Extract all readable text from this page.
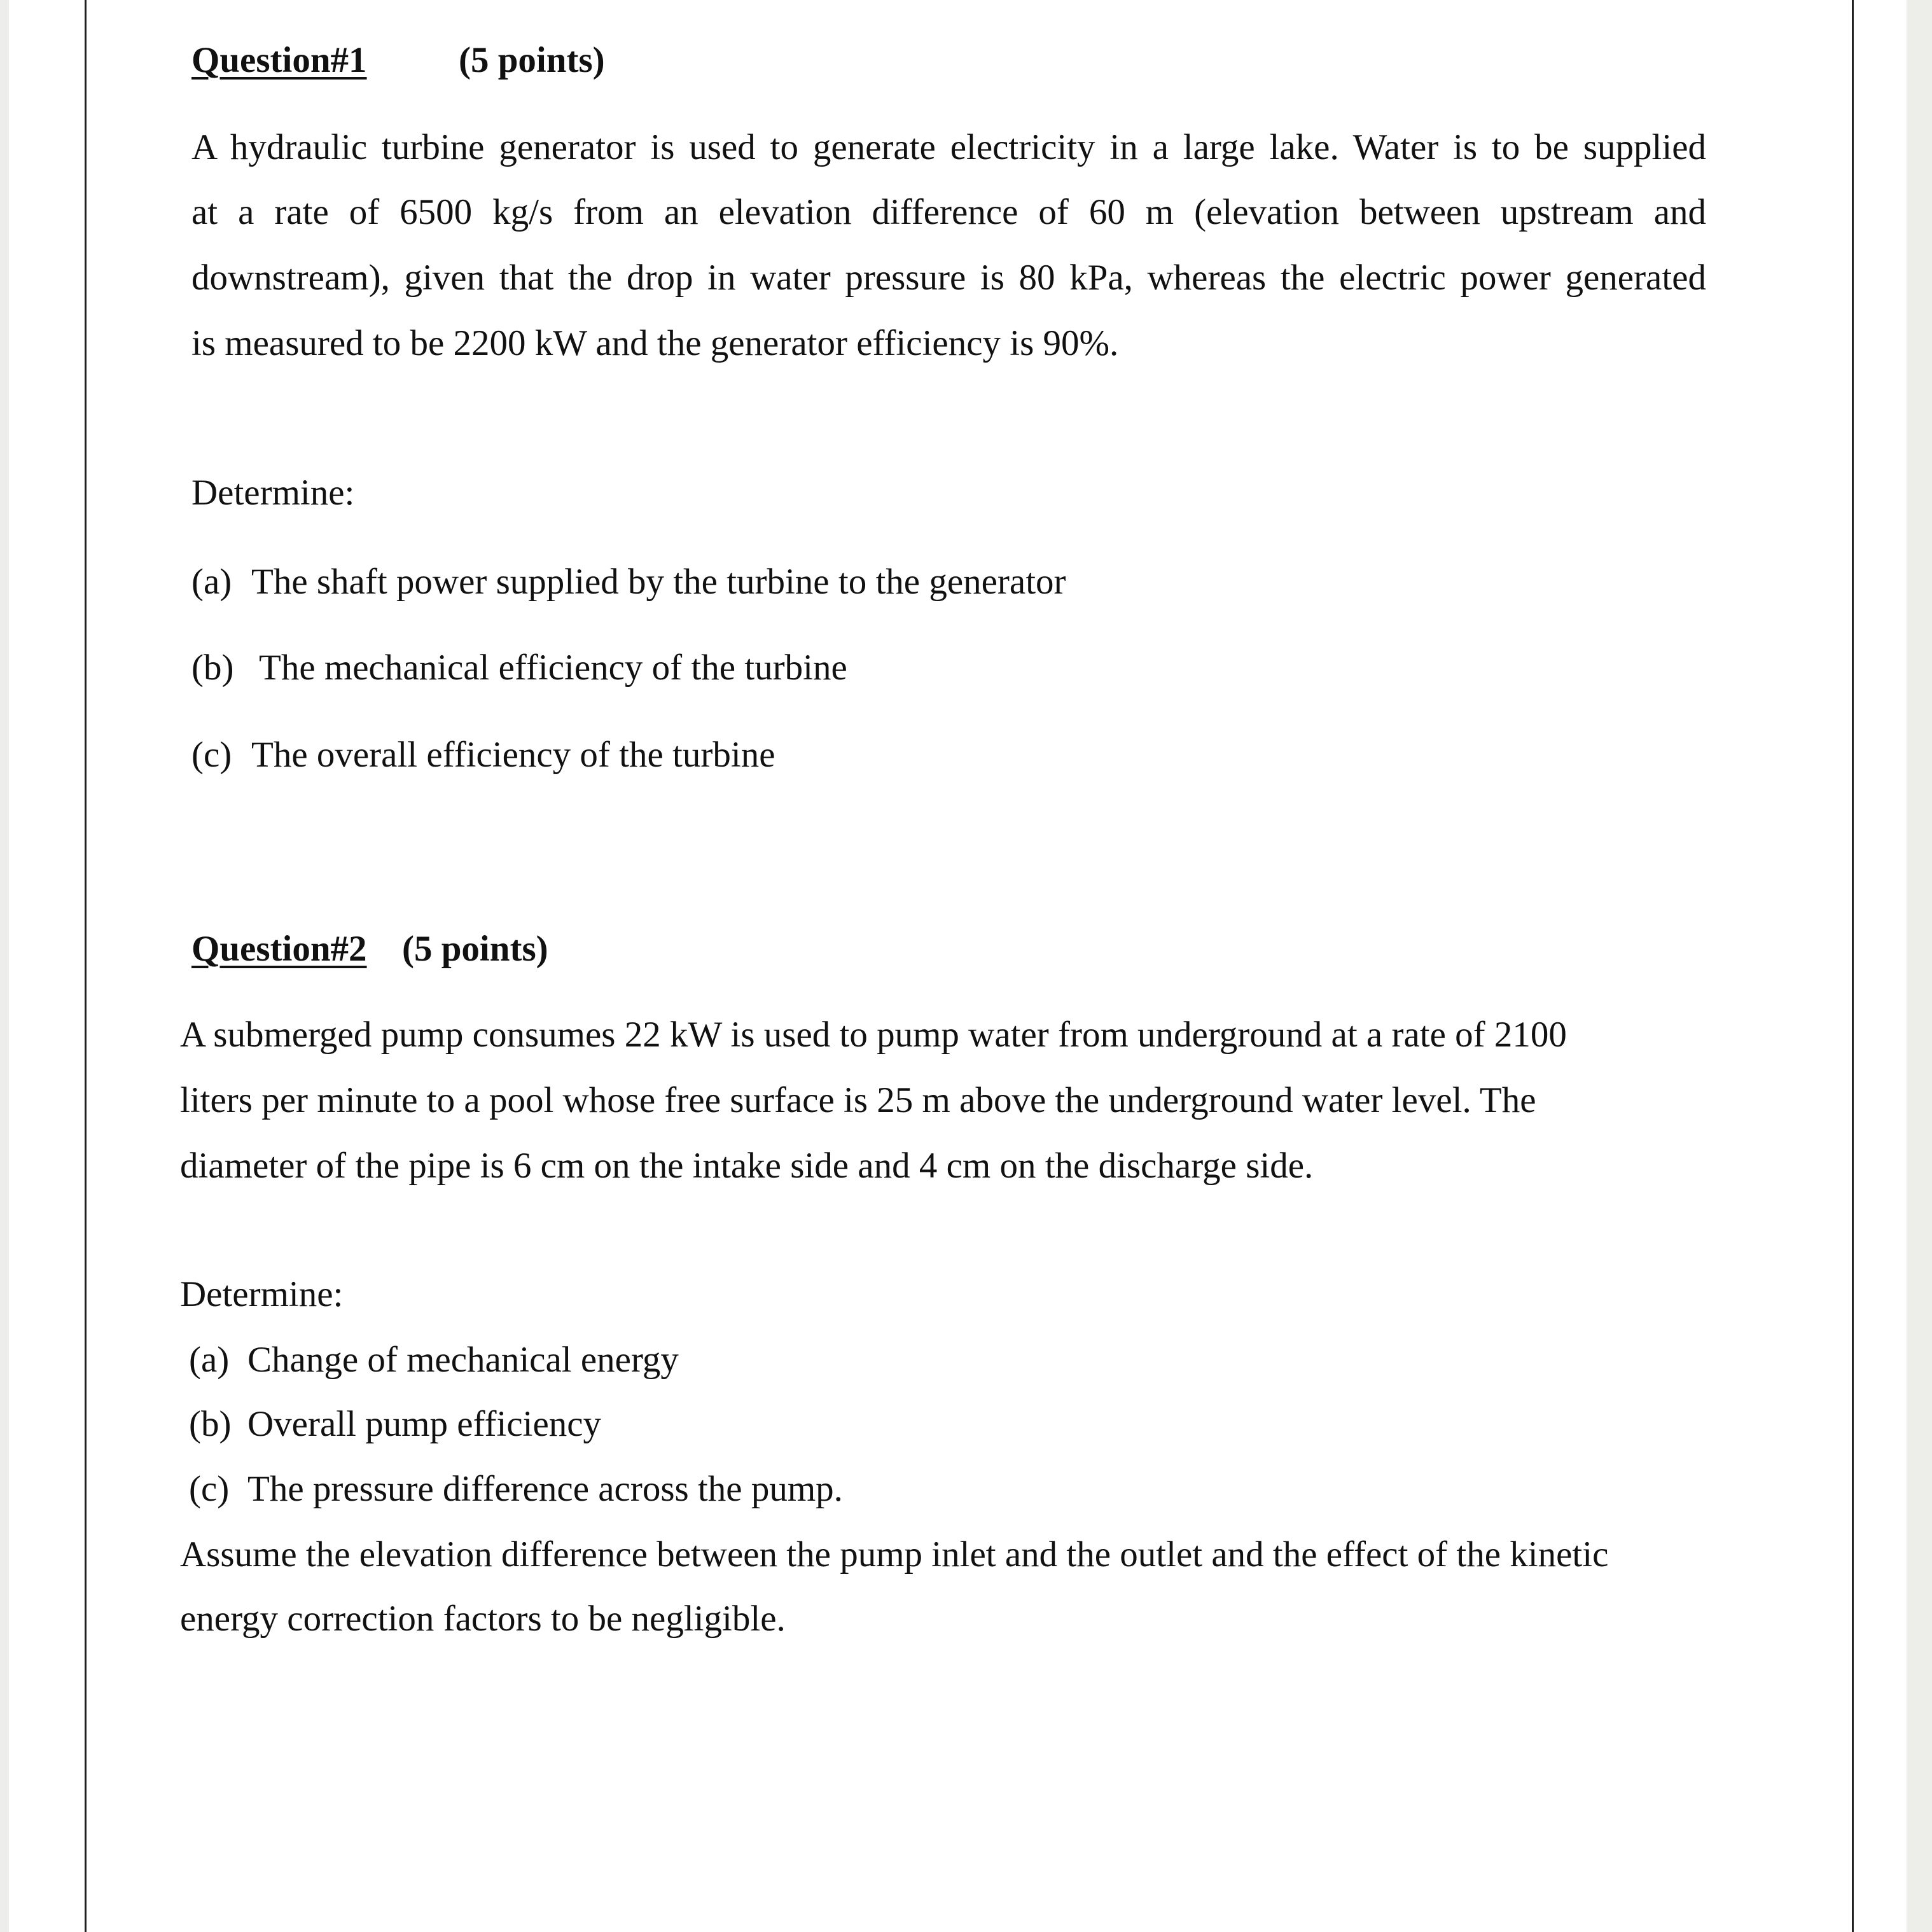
Question#1	(5 points)
A hydraulic turbine generator is used to generate electricity in a large lake. Water is to be supplied
at a rate of 6500 kg/s from an elevation difference of 60 m (elevation between upstream and
downstream), given that the drop in water pressure is 80 kPa, whereas the electric power generated
is measured to be 2200 kW and the generator efficiency is 90%.
Determine:
(a) The shaft power supplied by the turbine to the generator
(b) The mechanical efficiency of the turbine
(c) The overall efficiency of the turbine
Question#2 (5 points)
A submerged pump consumes 22 kW is used to pump water from underground at a rate of 2100
liters per minute to a pool whose free surface is 25 m above the underground water level. The
diameter of the pipe is 6 cm on the intake side and 4 cm on the discharge side.
Determine:
(a) Change of mechanical energy
(b) Overall pump efficiency
(c) The pressure difference across the pump.
Assume the elevation difference between the pump inlet and the outlet and the effect of the kinetic
energy correction factors to be negligible.
